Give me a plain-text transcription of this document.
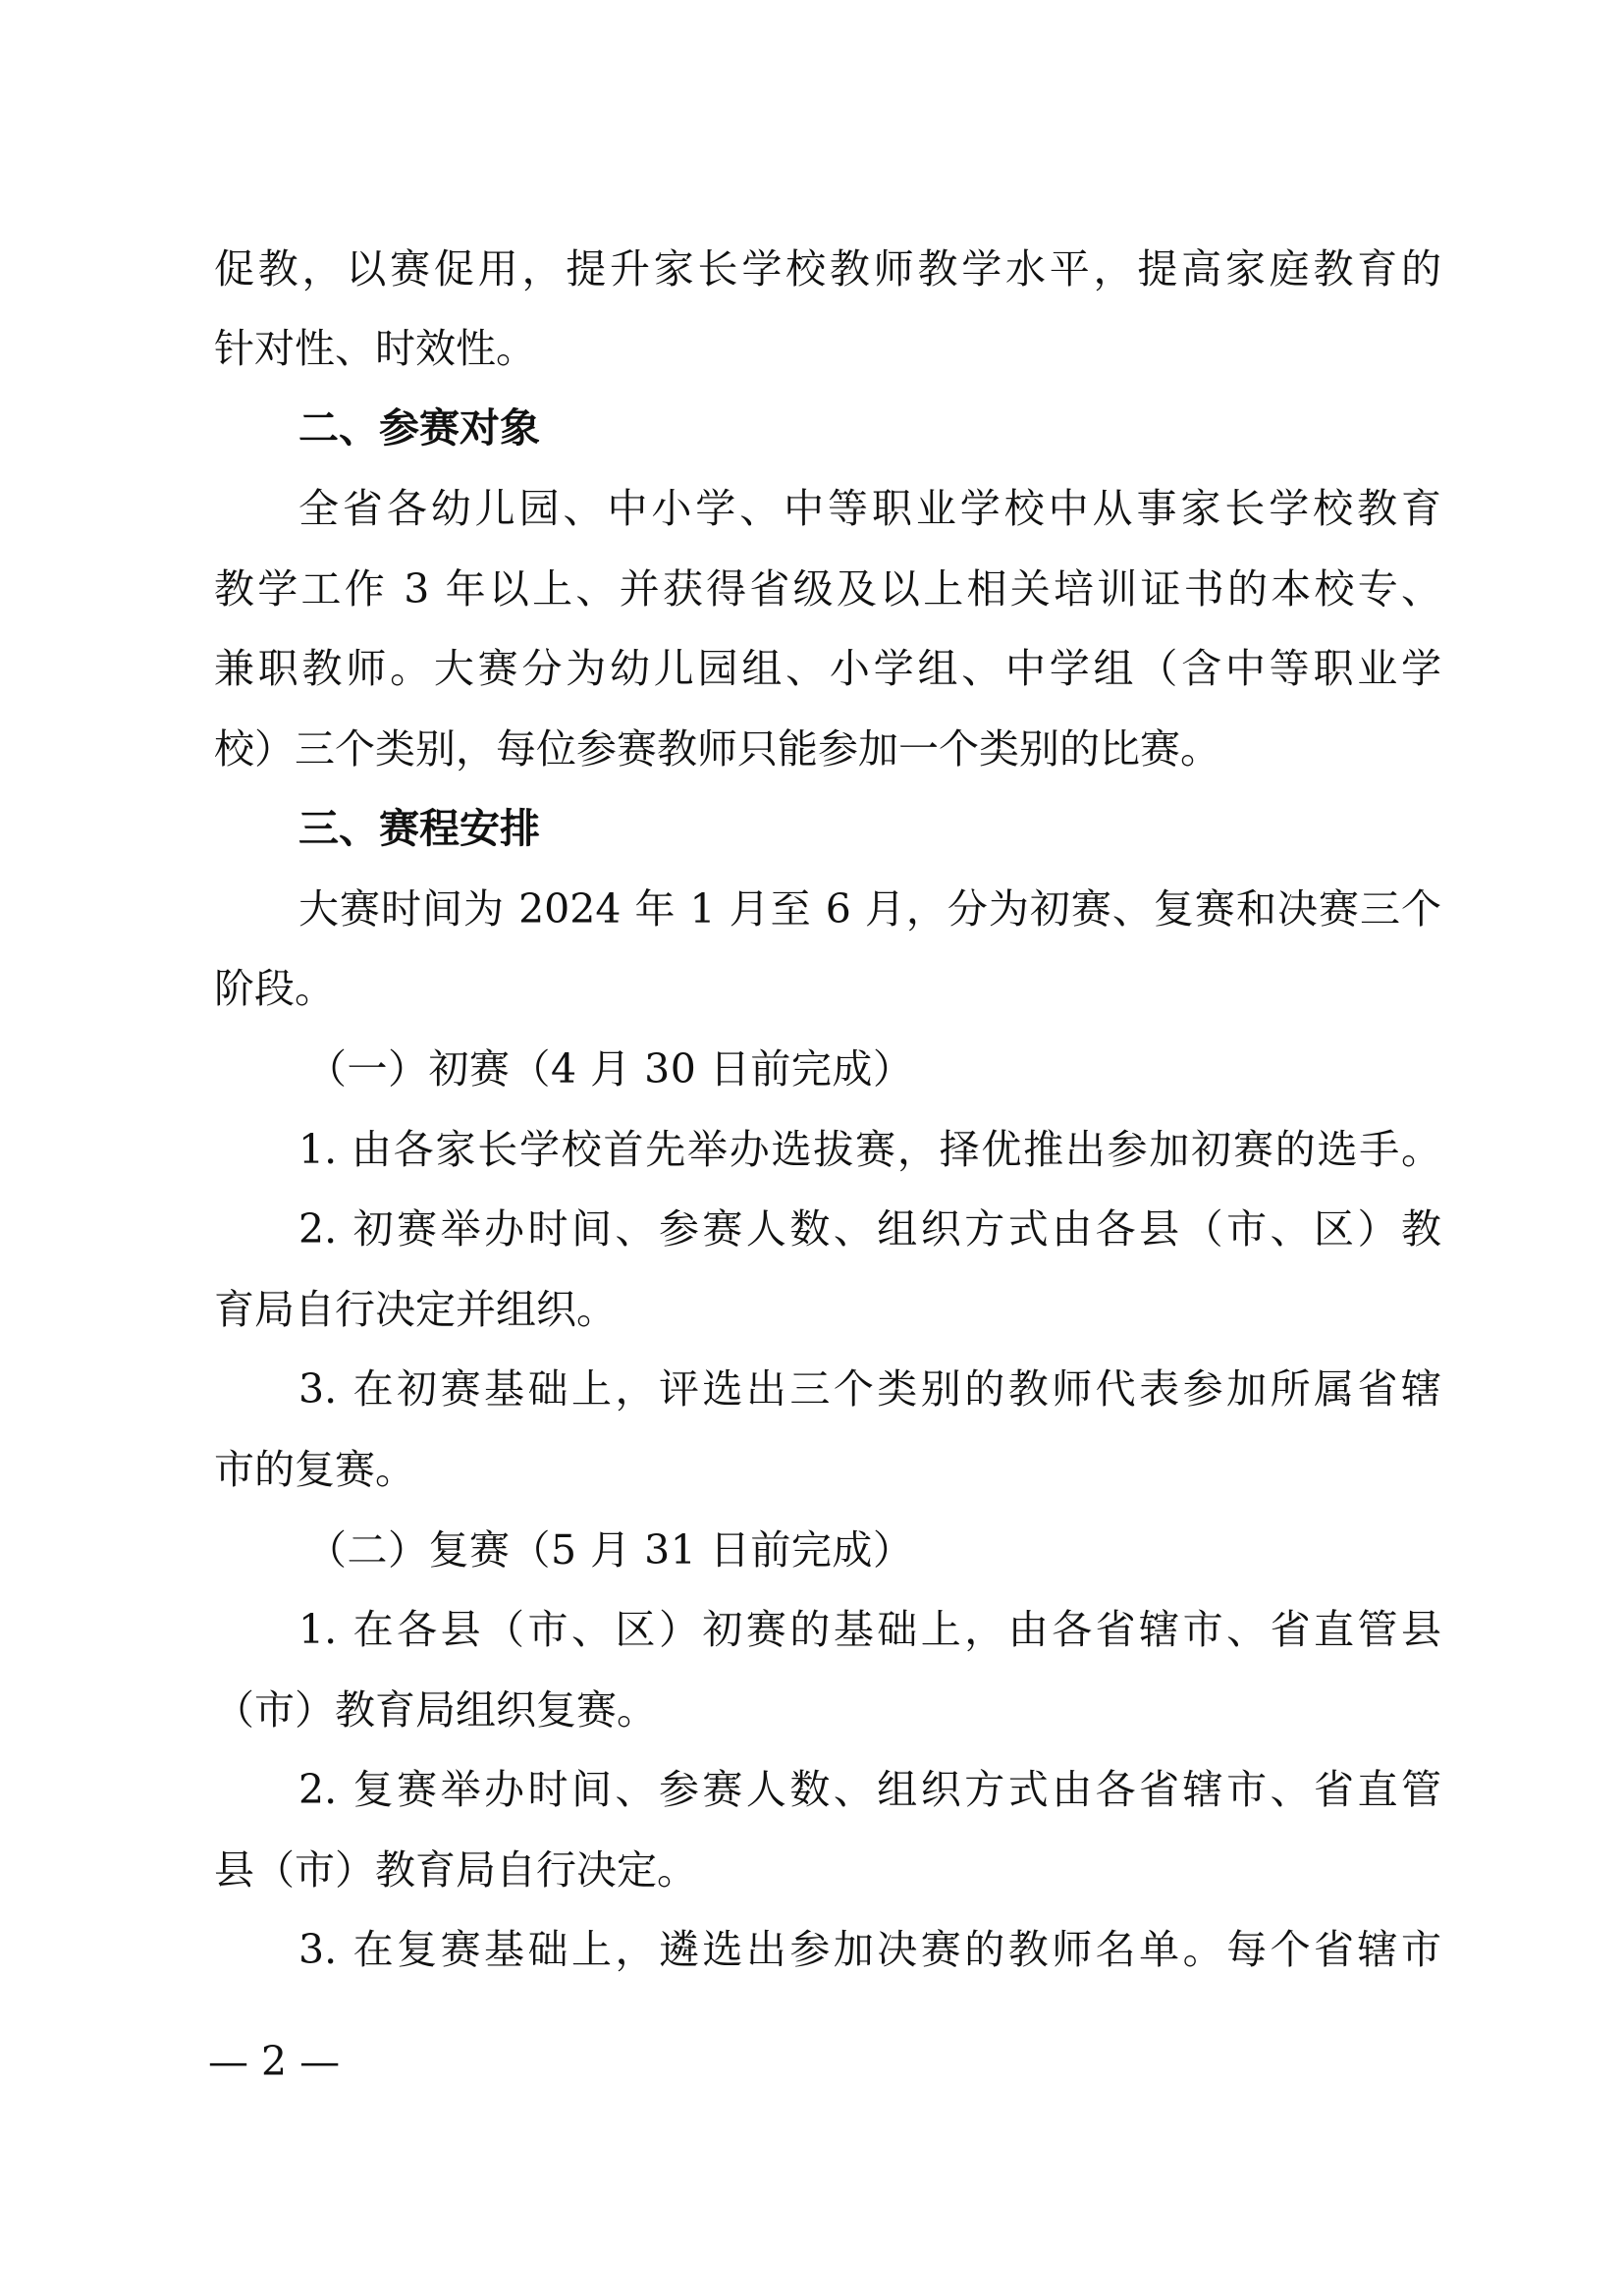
促教，以赛促用，提升家长学校教师教学水平，提高家庭教育的
针对性、时效性。
二、参赛对象
全省各幼儿园、中小学、中等职业学校中从事家长学校教育
教学工作 3 年以上、并获得省级及以上相关培训证书的本校专、
兼职教师。大赛分为幼儿园组、小学组、中学组（含中等职业学
校）三个类别，每位参赛教师只能参加一个类别的比赛。
三、赛程安排
大赛时间为 2024 年 1 月至 6 月，分为初赛、复赛和决赛三个
阶段。
（一）初赛（4 月 30 日前完成）
1. 由各家长学校首先举办选拔赛，择优推出参加初赛的选手。
2. 初赛举办时间、参赛人数、组织方式由各县（市、区）教
育局自行决定并组织。
3. 在初赛基础上，评选出三个类别的教师代表参加所属省辖
市的复赛。
（二）复赛（5 月 31 日前完成）
1. 在各县（市、区）初赛的基础上，由各省辖市、省直管县
（市）教育局组织复赛。
2. 复赛举办时间、参赛人数、组织方式由各省辖市、省直管
县（市）教育局自行决定。
3. 在复赛基础上，遴选出参加决赛的教师名单。每个省辖市
— 2 —
